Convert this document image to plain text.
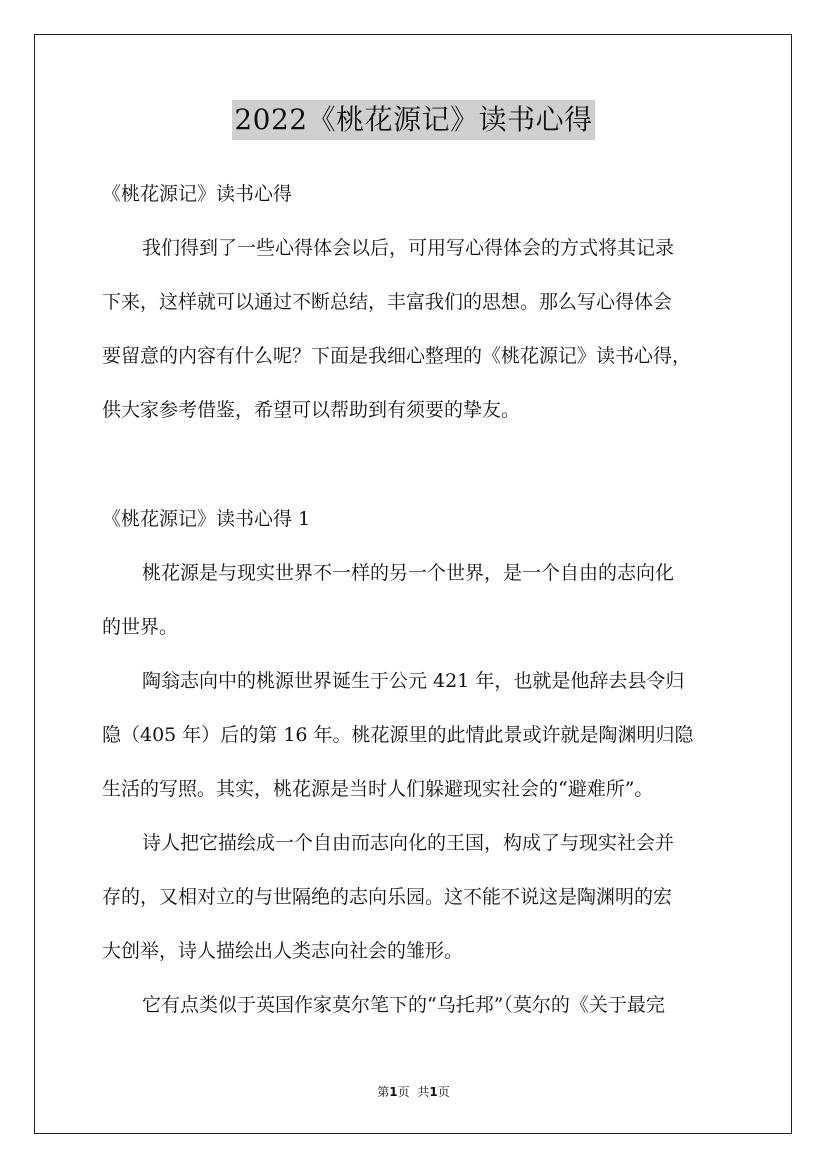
2022《桃花源记》读书心得
《桃花源记》读书心得
我们得到了一些心得体会以后，可用写心得体会的方式将其记录
下来，这样就可以通过不断总结，丰富我们的思想。那么写心得体会
要留意的内容有什么呢？下面是我细心整理的《桃花源记》读书心得，
供大家参考借鉴，希望可以帮助到有须要的挚友。
《桃花源记》读书心得 1
桃花源是与现实世界不一样的另一个世界，是一个自由的志向化
的世界。
陶翁志向中的桃源世界诞生于公元 421 年，也就是他辞去县令归
隐（405 年）后的第 16 年。桃花源里的此情此景或许就是陶渊明归隐
生活的写照。其实，桃花源是当时人们躲避现实社会的“避难所”。
诗人把它描绘成一个自由而志向化的王国，构成了与现实社会并
存的，又相对立的与世隔绝的志向乐园。这不能不说这是陶渊明的宏
大创举，诗人描绘出人类志向社会的雏形。
它有点类似于英国作家莫尔笔下的“乌托邦”（莫尔的《关于最完
第1页 共1页
